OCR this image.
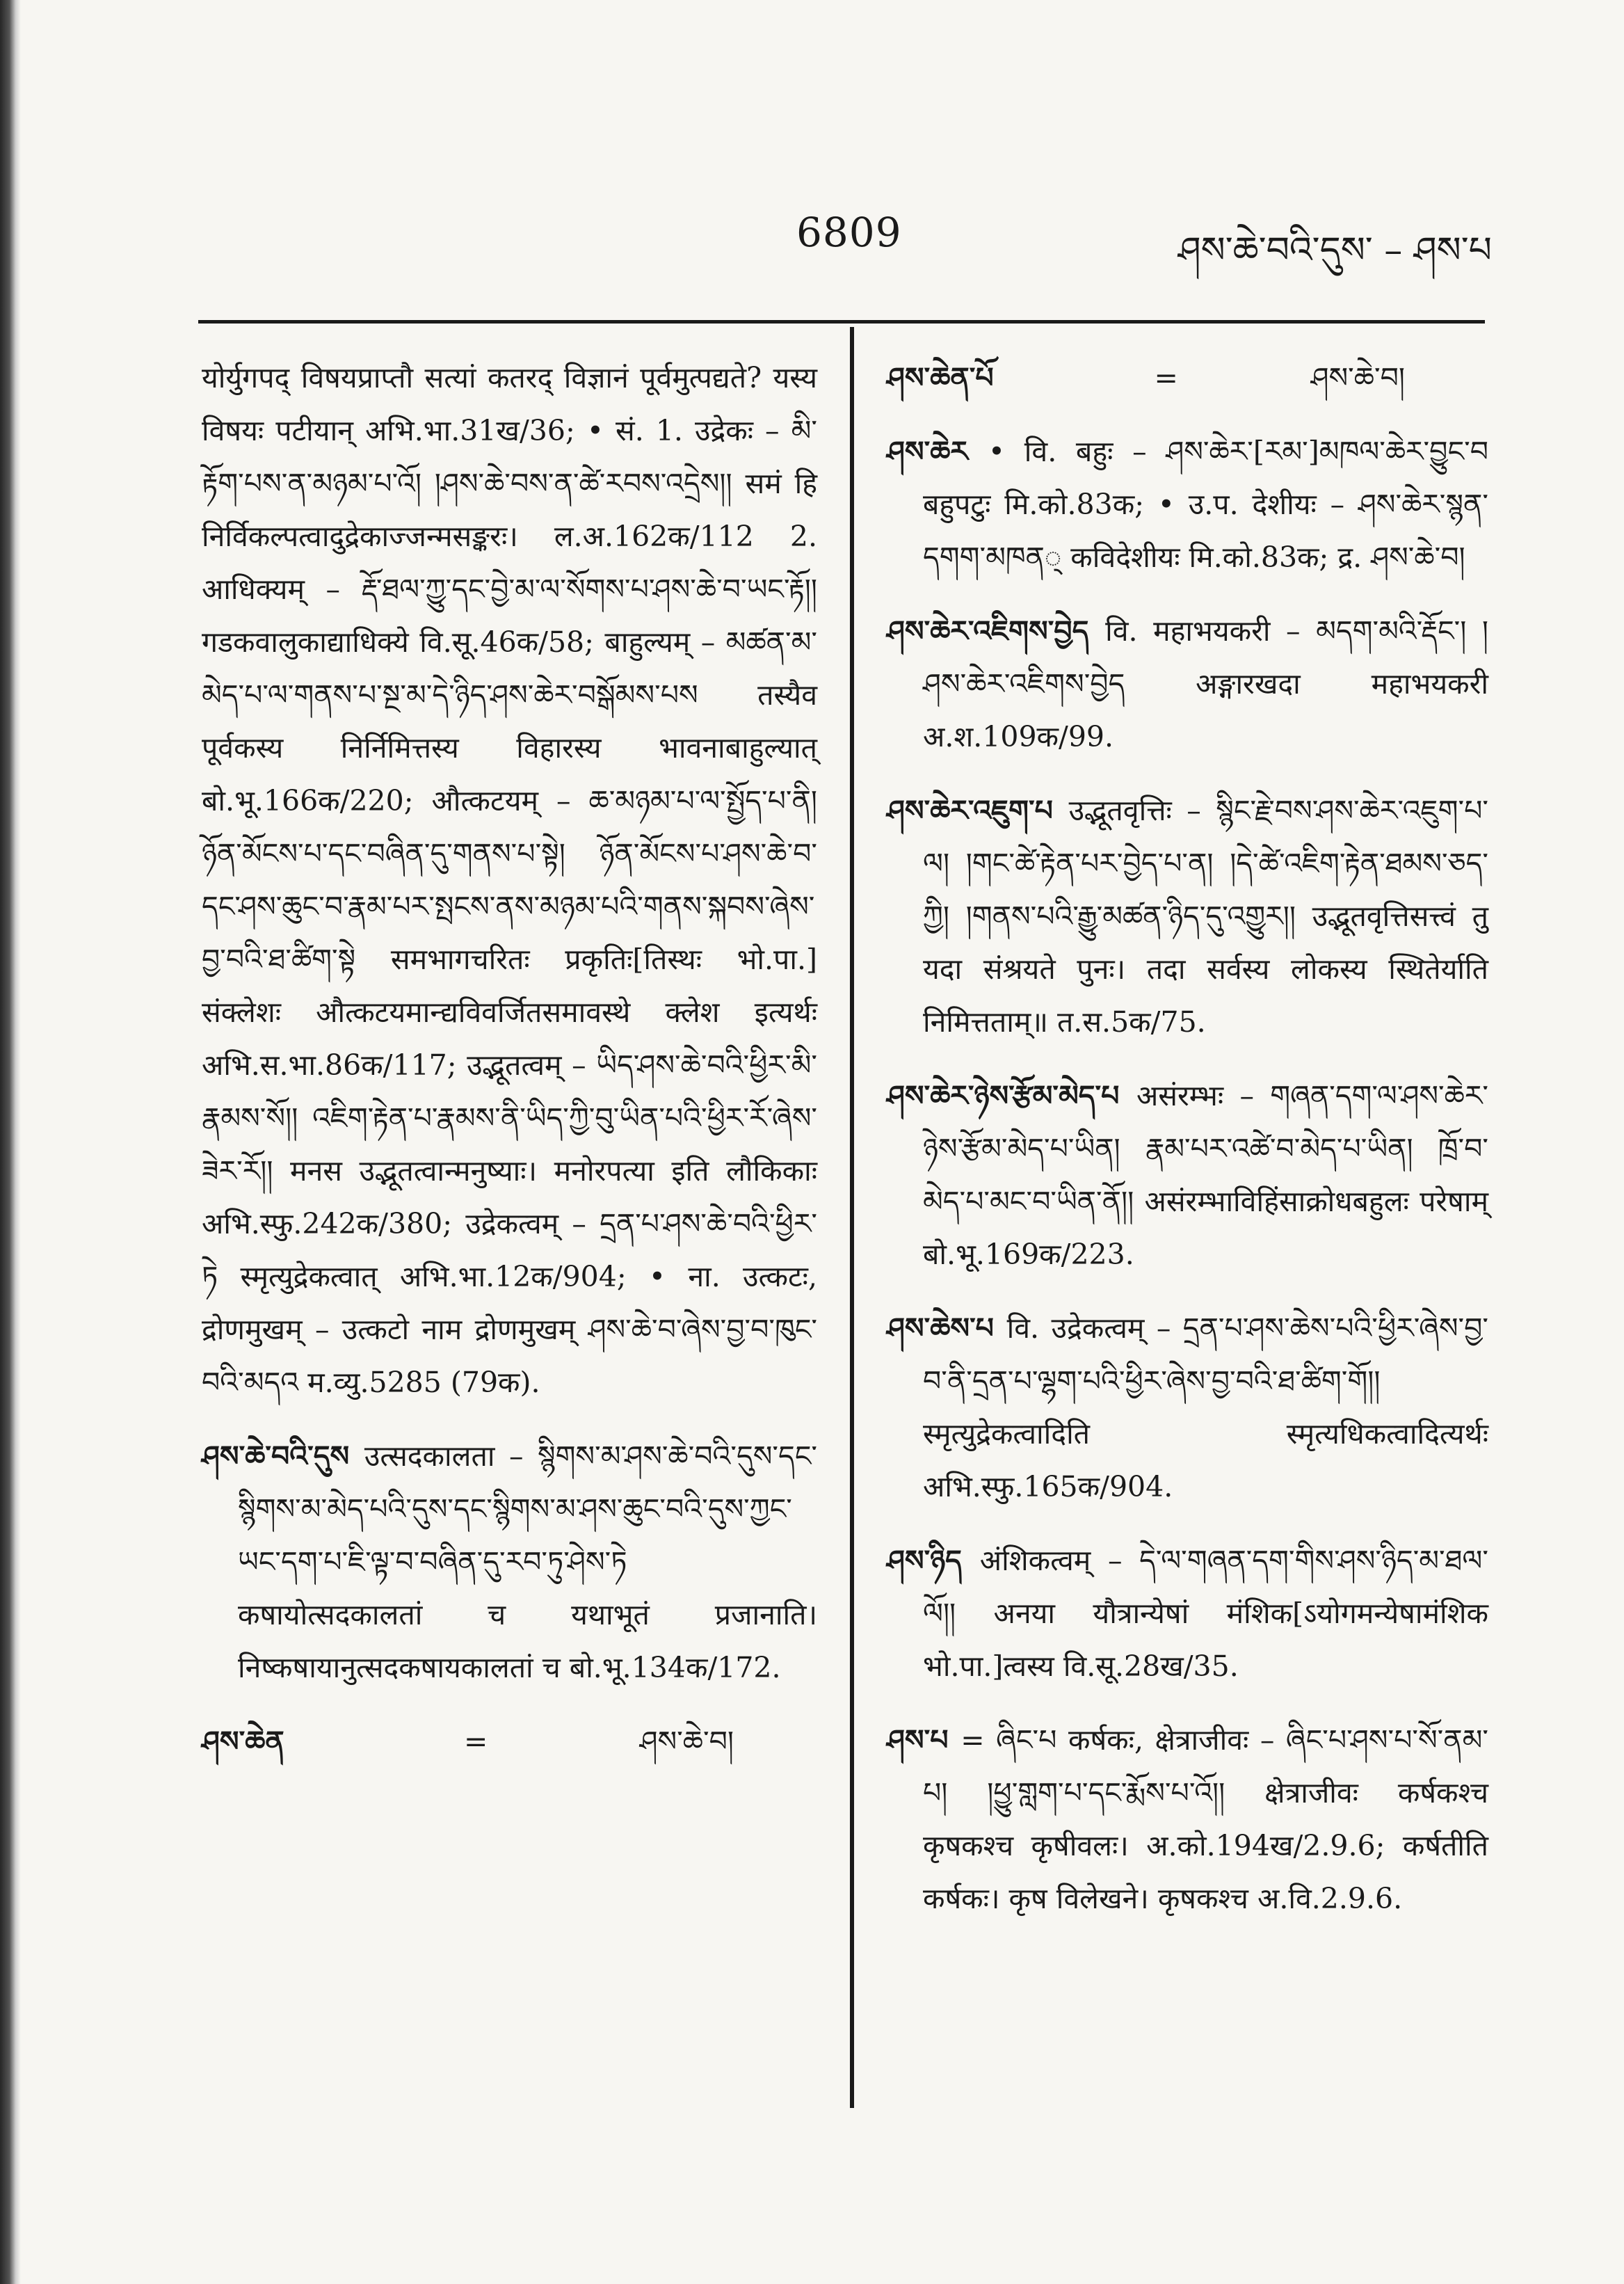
6809	ཤས་ཆེ་བའི་དུས་ – ཤས་པ
योर्युगपद् विषयप्राप्तौ सत्यां कतरद् विज्ञानं पूर्वमुत्पद्यते? यस्य विषयः पटीयान् अभि.भा.31ख/36; • सं. 1. उद्रेकः – མི་རྟོག་པས་ན་མཉམ་པ་འོ། །ཤས་ཆེ་བས་ན་ཚེ་རབས་འདྲེས།། समं हि निर्विकल्पत्वादुद्रेकाज्जन्मसङ्करः। ल.अ.162क/112 2. आधिक्यम् – རྡོ་ཐལ་ཀྱུ་དང་བྱེ་མ་ལ་སོགས་པ་ཤས་ཆེ་བ་ཡང་རྟོ།། गडकवालुकाद्याधिक्ये वि.सू.46क/58; बाहुल्यम् – མཚན་མ་མེད་པ་ལ་གནས་པ་སྔ་མ་དེ་ཉིད་ཤས་ཆེར་བསྒོམས་པས तस्यैव पूर्वकस्य निर्निमित्तस्य विहारस्य भावनाबाहुल्यात् बो.भू.166क/220; औत्कटयम् – ཆ་མཉམ་པ་ལ་སྤྱོད་པ་ནི། ཉོན་མོངས་པ་དང་བཞིན་དུ་གནས་པ་སྟེ། ཉོན་མོངས་པ་ཤས་ཆེ་བ་དང་ཤས་ཆུང་བ་རྣམ་པར་སྤངས་ནས་མཉམ་པའི་གནས་སྐབས་ཞེས་བྱ་བའི་ཐ་ཚིག་སྟེ समभागचरितः प्रकृतिः[तिस्थः भो.पा.] संक्लेशः औत्कटयमान्द्यविवर्जितसमावस्थे क्लेश इत्यर्थः अभि.स.भा.86क/117; उद्भूतत्वम् – ཡིད་ཤས་ཆེ་བའི་ཕྱིར་མི་རྣམས་སོ།། འཇིག་རྟེན་པ་རྣམས་ནི་ཡིད་ཀྱི་བུ་ཡིན་པའི་ཕྱིར་རོ་ཞེས་ཟེར་རོ།། मनस उद्भूतत्वान्मनुष्याः। मनोरपत्या इति लौकिकाः अभि.स्फु.242क/380; उद्रेकत्वम् – དྲན་པ་ཤས་ཆེ་བའི་ཕྱིར་ཏེ स्मृत्युद्रेकत्वात् अभि.भा.12क/904; • ना. उत्कटः, द्रोणमुखम् – उत्कटो नाम द्रोणमुखम् ཤས་ཆེ་བ་ཞེས་བྱ་བ་ཁུང་བའི་མདའ म.व्यु.5285 (79क).
ཤས་ཆེ་བའི་དུས उत्सदकालता – སྙིགས་མ་ཤས་ཆེ་བའི་དུས་དང་སྙིགས་མ་མེད་པའི་དུས་དང་སྙིགས་མ་ཤས་ཆུང་བའི་དུས་ཀྱང་ཡང་དག་པ་ཇི་ལྟ་བ་བཞིན་དུ་རབ་ཏུ་ཤེས་ཏེ कषायोत्सदकालतां च यथाभूतं प्रजानाति। निष्कषायानुत्सदकषायकालतां च बो.भू.134क/172.
ཤས་ཆེན	=	ཤས་ཆེ་བ།
ཤས་ཆེན་པོ	=	ཤས་ཆེ་བ།
ཤས་ཆེར • वि. बहुः – ཤས་ཆེར་[རམ་]མཁལ་ཆེར་བྱུང་བ बहुपटुः मि.को.83क; • उ.प. देशीयः – ཤས་ཆེར་སྙན་དགག་མཁན् कविदेशीयः मि.को.83क; द्र. ཤས་ཆེ་བ།
ཤས་ཆེར་འཇིགས་བྱེད वि. महाभयकरी – མདག་མའི་རྡོང་། །ཤས་ཆེར་འཇིགས་བྱེད अङ्गारखदा महाभयकरी अ.श.109क/99.
ཤས་ཆེར་འཇུག་པ उद्भूतवृत्तिः – སྙིང་རྗེ་བས་ཤས་ཆེར་འཇུག་པ་ལ། །གང་ཚེ་རྟེན་པར་བྱེད་པ་ན། །དེ་ཚེ་འཇིག་རྟེན་ཐམས་ཅད་ཀྱི། །གནས་པའི་རྒྱུ་མཚན་ཉིད་དུ་འགྱུར།། उद्भूतवृत्तिसत्त्वं तु यदा संश्रयते पुनः। तदा सर्वस्य लोकस्य स्थितेर्याति निमित्तताम्॥ त.स.5क/75.
ཤས་ཆེར་ཉེས་རྩོམ་མེད་པ असंरम्भः – གཞན་དག་ལ་ཤས་ཆེར་ཉེས་རྩོམ་མེད་པ་ཡིན། རྣམ་པར་འཚེ་བ་མེད་པ་ཡིན། ཁྲོ་བ་མེད་པ་མང་བ་ཡིན་ནོ།། असंरम्भाविहिंसाक्रोधबहुलः परेषाम् बो.भू.169क/223.
ཤས་ཆེས་པ वि. उद्रेकत्वम् – དྲན་པ་ཤས་ཆེས་པའི་ཕྱིར་ཞེས་བྱ་བ་ནི་དྲན་པ་ལྷག་པའི་ཕྱིར་ཞེས་བྱ་བའི་ཐ་ཚིག་གོ།། स्मृत्युद्रेकत्वादिति स्मृत्यधिकत्वादित्यर्थः अभि.स्फु.165क/904.
ཤས་ཉིད अंशिकत्वम् – དེ་ལ་གཞན་དག་གིས་ཤས་ཉིད་མ་ཐལ་ལོ།། अनया यौत्रान्येषां मंशिक[ऽयोगमन्येषामंशिक भो.पा.]त्वस्य वि.सू.28ख/35.
ཤས་པ = ཞིང་པ कर्षकः, क्षेत्राजीवः – ཞིང་པ་ཤས་པ་སོ་ནམ་པ། །ཕྱུ་གླག་པ་དང་རྨོས་པ་འོ།། क्षेत्राजीवः कर्षकश्च कृषकश्च कृषीवलः। अ.को.194ख/2.9.6; कर्षतीति कर्षकः। कृष विलेखने। कृषकश्च अ.वि.2.9.6.
